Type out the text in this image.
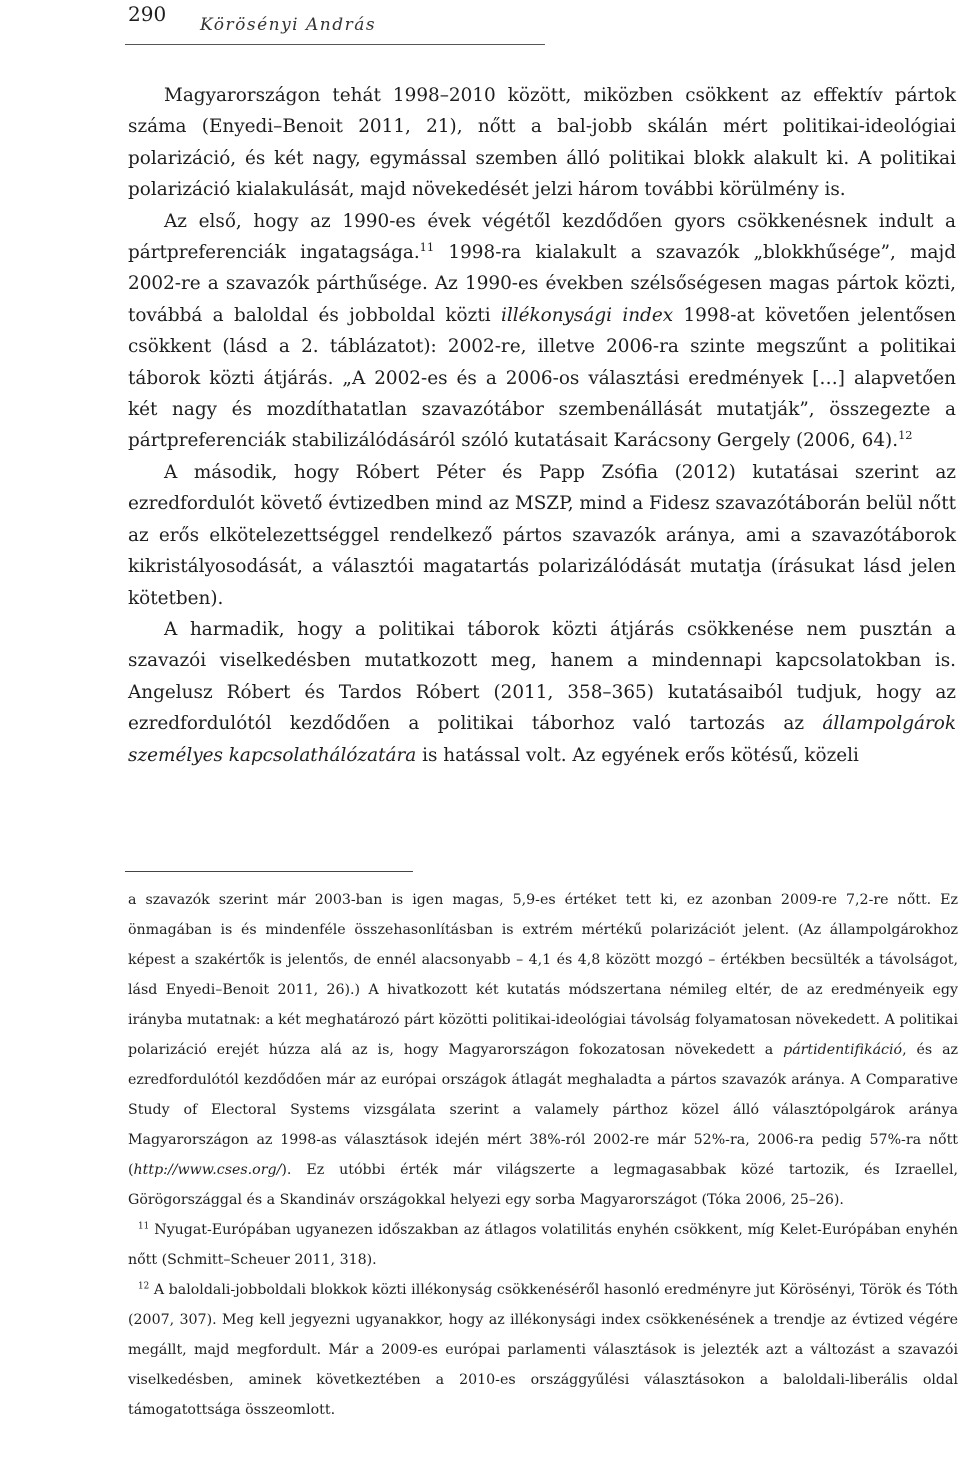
290 Körösényi András

Magyarországon tehát 1998–2010 között, miközben csökkent az effektív pártok száma (Enyedi–Benoit 2011, 21), nőtt a bal-jobb skálán mért politikai-ideológiai polarizáció, és két nagy, egymással szemben álló politikai blokk alakult ki. A politikai polarizáció kialakulását, majd növekedését jelzi három további körülmény is.

Az első, hogy az 1990-es évek végétől kezdődően gyors csökkenésnek indult a pártpreferenciák ingatagsága.$^{11}$ 1998-ra kialakult a szavazók „blokkhűsége”, majd 2002-re a szavazók párthűsége. Az 1990-es években szélsőségesen magas pártok közti, továbbá a baloldal és jobboldal közti illékonysági index 1998-at követően jelentősen csökkent (lásd a 2. táblázatot): 2002-re, illetve 2006-ra szinte megszűnt a politikai táborok közti átjárás. „A 2002-es és a 2006-os választási eredmények […] alapvetően két nagy és mozdíthatatlan szavazótábor szembenállását mutatják”, összegezte a pártpreferenciák stabilizálódásáról szóló kutatásait Karácsony Gergely (2006, 64).$^{12}$

A második, hogy Róbert Péter és Papp Zsófia (2012) kutatásai szerint az ezredfordulót követő évtizedben mind az MSZP, mind a Fidesz szavazótáborán belül nőtt az erős elkötelezettséggel rendelkező pártos szavazók aránya, ami a szavazótáborok kikristályosodását, a választói magatartás polarizálódását mutatja (írásukat lásd jelen kötetben).

A harmadik, hogy a politikai táborok közti átjárás csökkenése nem pusztán a szavazói viselkedésben mutatkozott meg, hanem a mindennapi kapcsolatokban is. Angelusz Róbert és Tardos Róbert (2011, 358–365) kutatásaiból tudjuk, hogy az ezredfordulótól kezdődően a politikai táborhoz való tartozás az állampolgárok személyes kapcsolathálózatára is hatással volt. Az egyének erős kötésű, közeli

a szavazók szerint már 2003-ban is igen magas, 5,9-es értéket tett ki, ez azonban 2009-re 7,2-re nőtt. Ez önmagában is és mindenféle összehasonlításban is extrém mértékű polarizációt jelent. (Az állampolgárokhoz képest a szakértők is jelentős, de ennél alacsonyabb – 4,1 és 4,8 között mozgó – értékben becsülték a távolságot, lásd Enyedi–Benoit 2011, 26).) A hivatkozott két kutatás módszertana némileg eltér, de az eredményeik egy irányba mutatnak: a két meghatározó párt közötti politikai-ideológiai távolság folyamatosan növekedett. A politikai polarizáció erejét húzza alá az is, hogy Magyarországon fokozatosan növekedett a pártidentifikáció, és az ezredfordulótól kezdődően már az európai országok átlagát meghaladta a pártos szavazók aránya. A Comparative Study of Electoral Systems vizsgálata szerint a valamely párthoz közel álló választópolgárok aránya Magyarországon az 1998-as választások idején mért 38%-ról 2002-re már 52%-ra, 2006-ra pedig 57%-ra nőtt (http://www.cses.org/). Ez utóbbi érték már világszerte a legmagasabbak közé tartozik, és Izraellel, Görögországgal és a Skandináv országokkal helyezi egy sorba Magyarországot (Tóka 2006, 25–26).

$^{11}$ Nyugat-Európában ugyanezen időszakban az átlagos volatilitás enyhén csökkent, míg Kelet-Európában enyhén nőtt (Schmitt–Scheuer 2011, 318).

$^{12}$ A baloldali-jobboldali blokkok közti illékonyság csökkenéséről hasonló eredményre jut Körösényi, Török és Tóth (2007, 307). Meg kell jegyezni ugyanakkor, hogy az illékonysági index csökkenésének a trendje az évtized végére megállt, majd megfordult. Már a 2009-es európai parlamenti választások is jelezték azt a változást a szavazói viselkedésben, aminek következtében a 2010-es országgyűlési választásokon a baloldali-liberális oldal támogatottsága összeomlott.
